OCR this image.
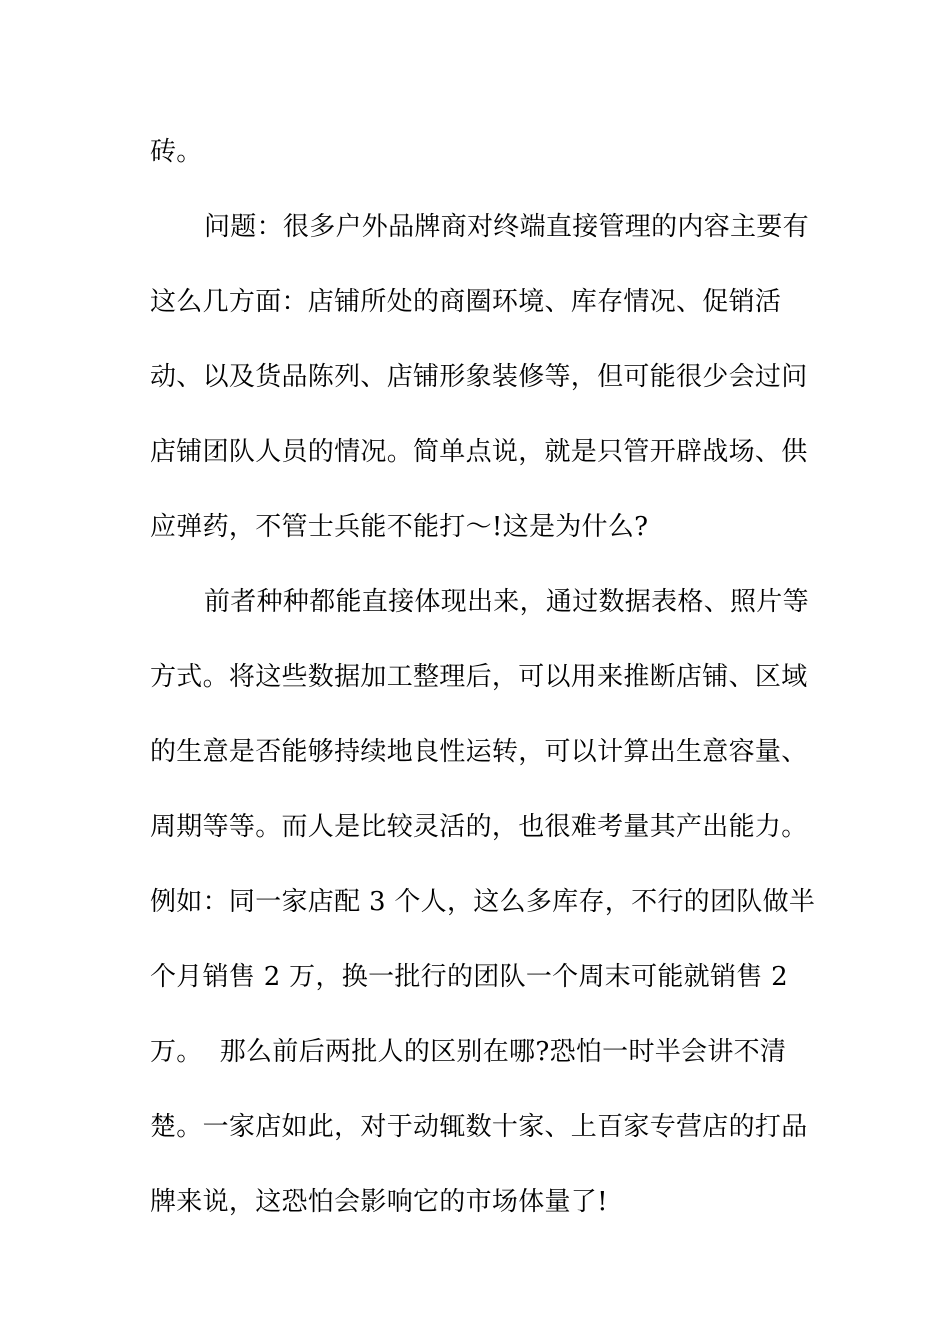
砖。
问题：很多户外品牌商对终端直接管理的内容主要有
这么几方面：店铺所处的商圈环境、库存情况、促销活
动、以及货品陈列、店铺形象装修等，但可能很少会过问
店铺团队人员的情况。简单点说，就是只管开辟战场、供
应弹药，不管士兵能不能打～!这是为什么?
前者种种都能直接体现出来，通过数据表格、照片等
方式。将这些数据加工整理后，可以用来推断店铺、区域
的生意是否能够持续地良性运转，可以计算出生意容量、
周期等等。而人是比较灵活的，也很难考量其产出能力。
例如：同一家店配 3 个人，这么多库存，不行的团队做半
个月销售 2 万，换一批行的团队一个周末可能就销售 2
万。  那么前后两批人的区别在哪?恐怕一时半会讲不清
楚。一家店如此，对于动辄数十家、上百家专营店的打品
牌来说，这恐怕会影响它的市场体量了!
